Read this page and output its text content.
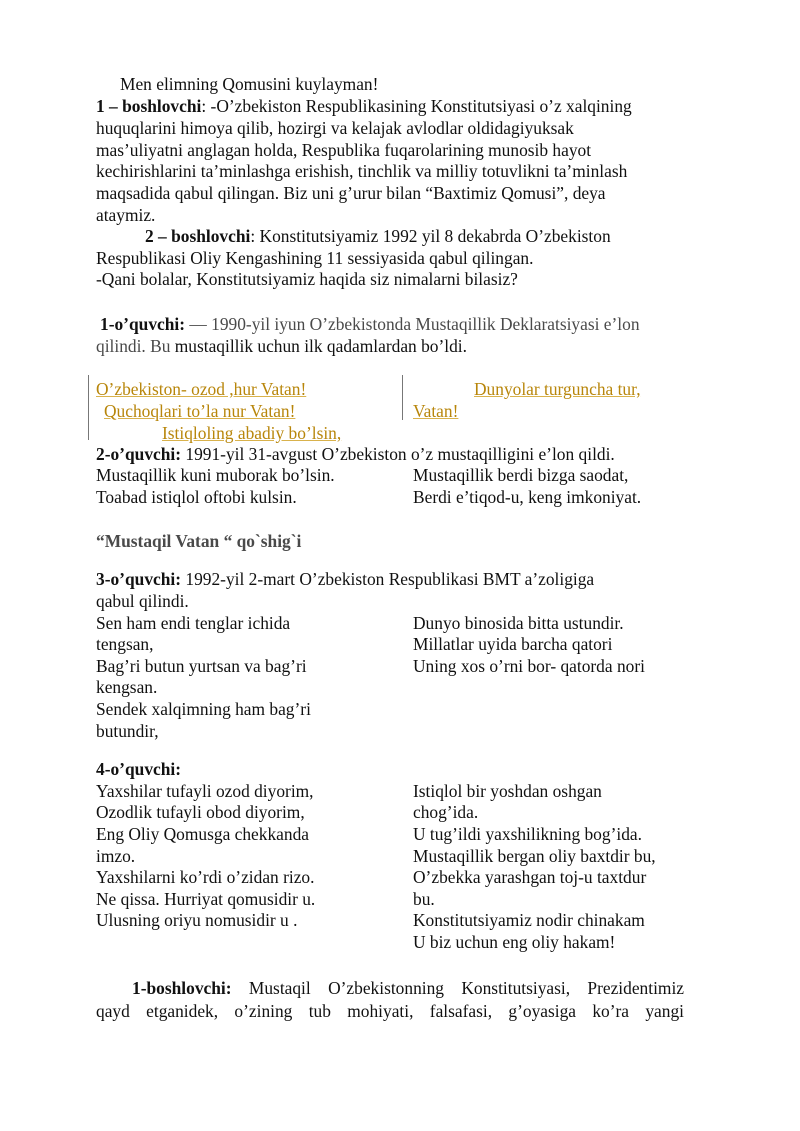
Men elimning Qomusini kuylayman!
1 – boshlovchi: -O’zbekiston Respublikasining Konstitutsiyasi o’z xalqining
huquqlarini himoya qilib, hozirgi va kelajak avlodlar oldidagiyuksak
mas’uliyatni anglagan holda, Respublika fuqarolarining munosib hayot
kechirishlarini ta’minlashga erishish, tinchlik va milliy totuvlikni ta’minlash
maqsadida qabul qilingan. Biz uni g’urur bilan “Baxtimiz Qomusi”, deya
ataymiz.
2 – boshlovchi: Konstitutsiyamiz 1992 yil 8 dekabrda O’zbekiston
Respublikasi Oliy Kengashining 11 sessiyasida qabul qilingan.
-Qani bolalar, Konstitutsiyamiz haqida siz nimalarni bilasiz?
1-o’quvchi: — 1990-yil iyun O’zbekistonda Mustaqillik Deklaratsiyasi e’lon
qilindi. Bu mustaqillik uchun ilk qadamlardan bo’ldi.
O’zbekiston- ozod ,hur Vatan!
Quchoqlari to’la nur Vatan!
Istiqloling abadiy bo’lsin,
Dunyolar turguncha tur,
Vatan!
2-o’quvchi: 1991-yil 31-avgust O’zbekiston o’z mustaqilligini e’lon qildi.
Mustaqillik kuni muborak bo’lsin.
Toabad istiqlol oftobi kulsin.
Mustaqillik berdi bizga saodat,
Berdi e’tiqod-u, keng imkoniyat.
“Mustaqil Vatan “ qo`shig`i
3-o’quvchi: 1992-yil 2-mart O’zbekiston Respublikasi BMT a’zoligiga
qabul qilindi.
Sen ham endi tenglar ichida
tengsan,
Bag’ri butun yurtsan va bag’ri
kengsan.
Sendek xalqimning ham bag’ri
butundir,
Dunyo binosida bitta ustundir.
Millatlar uyida barcha qatori
Uning xos o’rni bor- qatorda nori
4-o’quvchi:
Yaxshilar tufayli ozod diyorim,
Ozodlik tufayli obod diyorim,
Eng Oliy Qomusga chekkanda
imzo.
Yaxshilarni ko’rdi o’zidan rizo.
Ne qissa. Hurriyat qomusidir u.
Ulusning oriyu nomusidir u .
Istiqlol bir yoshdan oshgan
chog’ida.
U tug’ildi yaxshilikning bog’ida.
Mustaqillik bergan oliy baxtdir bu,
O’zbekka yarashgan toj-u taxtdur
bu.
Konstitutsiyamiz nodir chinakam
U biz uchun eng oliy hakam!
1-boshlovchi: Mustaqil O’zbekistonning Konstitutsiyasi, Prezidentimiz
qayd etganidek, o’zining tub mohiyati, falsafasi, g’oyasiga ko’ra yangi
